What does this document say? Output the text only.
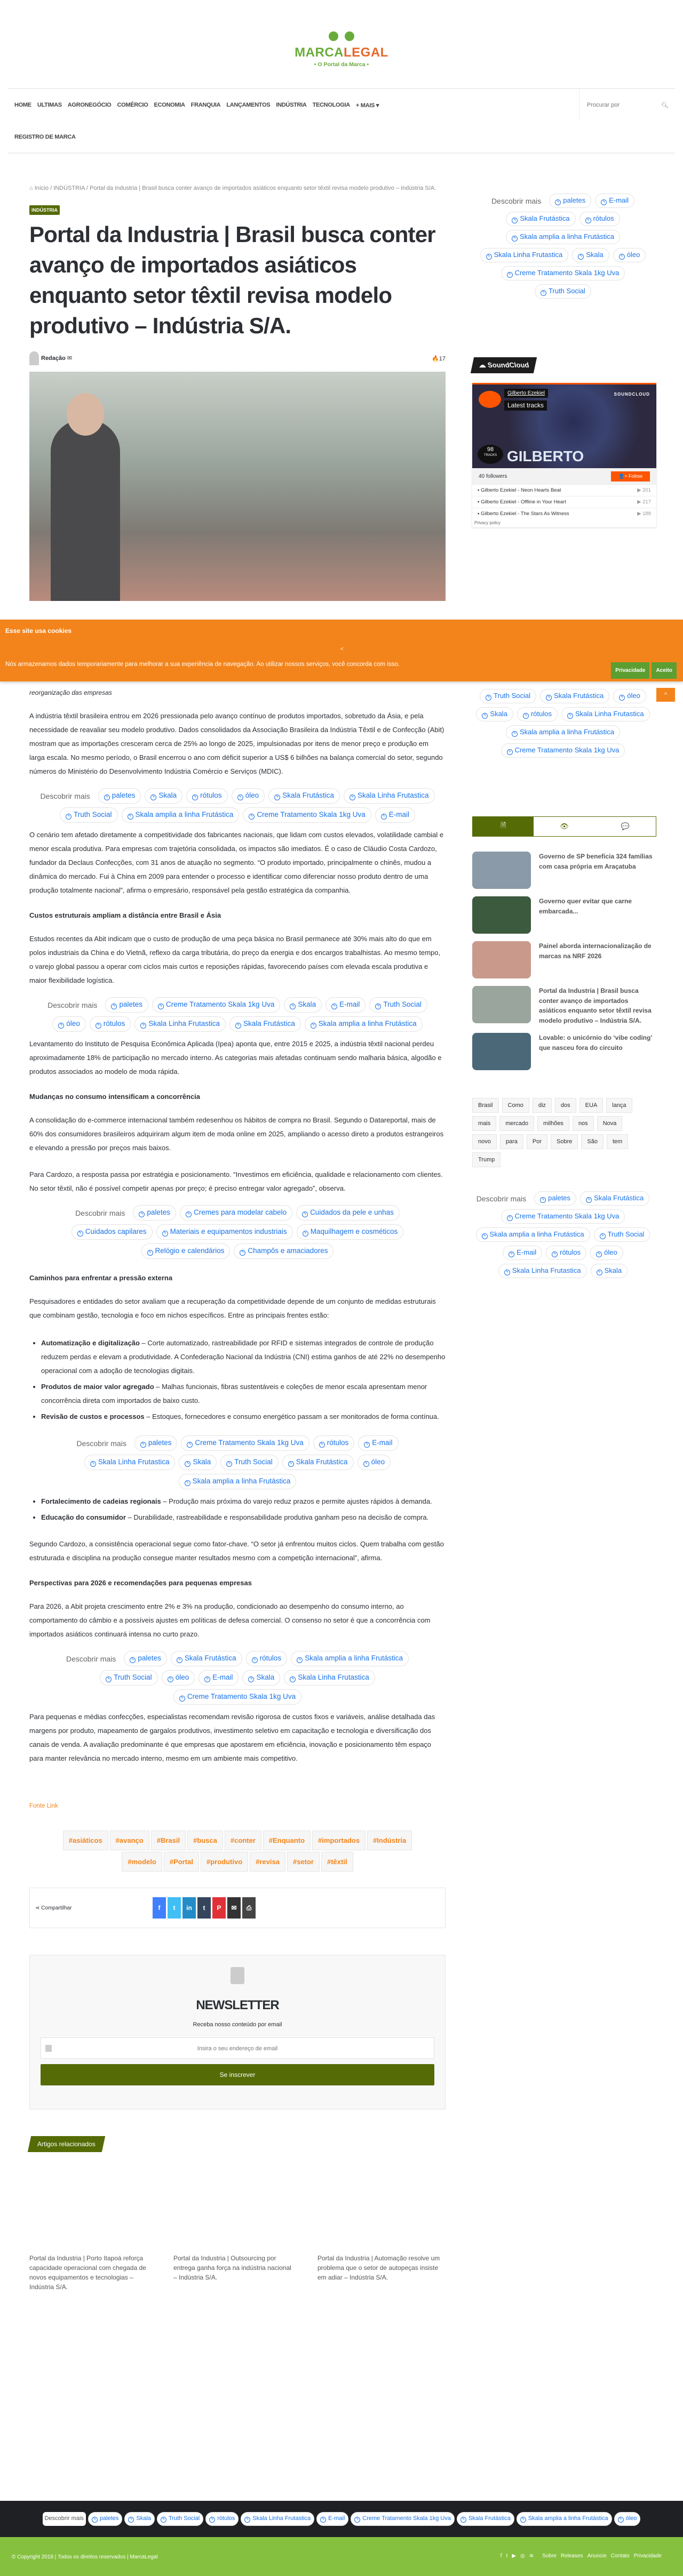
MARCALEGAL
• O Portal da Marca •
HOME	ULTIMAS	AGRONEGÓCIO	COMÉRCIO	ECONOMIA	FRANQUIA	LANÇAMENTOS	INDÚSTRIA	TECNOLOGIA	+ MAIS ▾
REGISTRO DE MARCA
Procurar por	🔍︎
⌂ Início / INDÚSTRIA / Portal da Industria | Brasil busca conter avanço de importados asiáticos enquanto setor têxtil revisa modelo produtivo – Indústria S/A.
INDÚSTRIA
Portal da Industria | Brasil busca conter avanço de importados asiáticos enquanto setor têxtil revisa modelo produtivo – Indústria S/A.
Redação ✉	🔥17
reorganização das empresas

A indústria têxtil brasileira entrou em 2026 pressionada pelo avanço contínuo de produtos importados, sobretudo da Ásia, e pela necessidade de reavaliar seu modelo produtivo. Dados consolidados da Associação Brasileira da Indústria Têxtil e de Confecção (Abit) mostram que as importações cresceram cerca de 25% ao longo de 2025, impulsionadas por itens de menor preço e produção em larga escala. No mesmo período, o Brasil encerrou o ano com déficit superior a US$ 6 bilhões na balança comercial do setor, segundo números do Ministério do Desenvolvimento Indústria Comércio e Serviços (MDIC).

Descobrir mais	ϟ paletes	ϟ Skala	ϟ rótulos	ϟ óleo	ϟ Skala Frutástica	ϟ Skala Linha Frutastica
ϟ Truth Social	ϟ Skala amplia a linha Frutástica	ϟ Creme Tratamento Skala 1kg Uva	ϟ E-mail

O cenário tem afetado diretamente a competitividade dos fabricantes nacionais, que lidam com custos elevados, volatilidade cambial e menor escala produtiva. Para empresas com trajetória consolidada, os impactos são imediatos. É o caso de Cláudio Costa Cardozo, fundador da Declaus Confecções, com 31 anos de atuação no segmento. “O produto importado, principalmente o chinês, mudou a dinâmica do mercado. Fui à China em 2009 para entender o processo e identificar como diferenciar nosso produto dentro de uma produção totalmente nacional”, afirma o empresário, responsável pela gestão estratégica da companhia.

Custos estruturais ampliam a distância entre Brasil e Ásia

Estudos recentes da Abit indicam que o custo de produção de uma peça básica no Brasil permanece até 30% mais alto do que em polos industriais da China e do Vietnã, reflexo da carga tributária, do preço da energia e dos encargos trabalhistas. Ao mesmo tempo, o varejo global passou a operar com ciclos mais curtos e reposições rápidas, favorecendo países com elevada escala produtiva e maior flexibilidade logística.

Descobrir mais	ϟ paletes	ϟ Creme Tratamento Skala 1kg Uva	ϟ Skala	ϟ E-mail	ϟ Truth Social
ϟ óleo	ϟ rótulos	ϟ Skala Linha Frutastica	ϟ Skala Frutástica	ϟ Skala amplia a linha Frutástica

Levantamento do Instituto de Pesquisa Econômica Aplicada (Ipea) aponta que, entre 2015 e 2025, a indústria têxtil nacional perdeu aproximadamente 18% de participação no mercado interno. As categorias mais afetadas continuam sendo malharia básica, algodão e produtos associados ao modelo de moda rápida.

Mudanças no consumo intensificam a concorrência

A consolidação do e-commerce internacional também redesenhou os hábitos de compra no Brasil. Segundo o Datareportal, mais de 60% dos consumidores brasileiros adquiriram algum item de moda online em 2025, ampliando o acesso direto a produtos estrangeiros e elevando a pressão por preços mais baixos.

Para Cardozo, a resposta passa por estratégia e posicionamento. “Investimos em eficiência, qualidade e relacionamento com clientes. No setor têxtil, não é possível competir apenas por preço; é preciso entregar valor agregado”, observa.

Descobrir mais	ϟ paletes	ϟ Cremes para modelar cabelo	ϟ Cuidados da pele e unhas
ϟ Cuidados capilares	ϟ Materiais e equipamentos industriais	ϟ Maquilhagem e cosméticos
ϟ Relógio e calendários	ϟ Champôs e amaciadores
Caminhos para enfrentar a pressão externa

Pesquisadores e entidades do setor avaliam que a recuperação da competitividade depende de um conjunto de medidas estruturais que combinam gestão, tecnologia e foco em nichos específicos. Entre as principais frentes estão:

• Automatização e digitalização – Corte automatizado, rastreabilidade por RFID e sistemas integrados de controle de produção reduzem perdas e elevam a produtividade. A Confederação Nacional da Indústria (CNI) estima ganhos de até 22% no desempenho operacional com a adoção de tecnologias digitais.
• Produtos de maior valor agregado – Malhas funcionais, fibras sustentáveis e coleções de menor escala apresentam menor concorrência direta com importados de baixo custo.
• Revisão de custos e processos – Estoques, fornecedores e consumo energético passam a ser monitorados de forma contínua.
Descobrir mais	ϟ paletes	ϟ Creme Tratamento Skala 1kg Uva	ϟ rótulos	ϟ E-mail
ϟ Skala Linha Frutastica	ϟ Skala	ϟ Truth Social	ϟ Skala Frutástica	ϟ óleo
ϟ Skala amplia a linha Frutástica
• Fortalecimento de cadeias regionais – Produção mais próxima do varejo reduz prazos e permite ajustes rápidos à demanda.
• Educação do consumidor – Durabilidade, rastreabilidade e responsabilidade produtiva ganham peso na decisão de compra.

Segundo Cardozo, a consistência operacional segue como fator-chave. “O setor já enfrentou muitos ciclos. Quem trabalha com gestão estruturada e disciplina na produção consegue manter resultados mesmo com a competição internacional”, afirma.

Perspectivas para 2026 e recomendações para pequenas empresas

Para 2026, a Abit projeta crescimento entre 2% e 3% na produção, condicionado ao desempenho do consumo interno, ao comportamento do câmbio e a possíveis ajustes em políticas de defesa comercial. O consenso no setor é que a concorrência com importados asiáticos continuará intensa no curto prazo.

Descobrir mais	ϟ paletes	ϟ Skala Frutástica	ϟ rótulos	ϟ Skala amplia a linha Frutástica
ϟ Truth Social	ϟ óleo	ϟ E-mail	ϟ Skala	ϟ Skala Linha Frutastica
ϟ Creme Tratamento Skala 1kg Uva

Para pequenas e médias confecções, especialistas recomendam revisão rigorosa de custos fixos e variáveis, análise detalhada das margens por produto, mapeamento de gargalos produtivos, investimento seletivo em capacitação e tecnologia e diversificação dos canais de venda. A avaliação predominante é que empresas que apostarem em eficiência, inovação e posicionamento têm espaço para manter relevância no mercado interno, mesmo em um ambiente mais competitivo.

Fonte Link
#asiáticos	#avanço	#Brasil	#busca	#conter	#Enquanto	#importados	#Indústria
#modelo	#Portal	#produtivo	#revisa	#setor	#têxtil
⋖ Compartilhar	f t in t P ✉ ⎙
NEWSLETTER
Receba nosso conteúdo por email
Insira o seu endereço de email
Se inscrever
Artigos relacionados
Portal da Industria | Porto Itapoá reforça capacidade operacional com chegada de novos equipamentos e tecnologias – Indústria S/A.
Portal da Industria | Outsourcing por entrega ganha força na indústria nacional – Indústria S/A.
Portal da Industria | Automação resolve um problema que o setor de autopeças insiste em adiar – Indústria S/A.
Descobrir mais	ϟ paletes	ϟ E-mail
ϟ Skala Frutástica	ϟ rótulos
ϟ Skala amplia a linha Frutástica
ϟ Skala Linha Frutastica	ϟ Skala	ϟ óleo
ϟ Creme Tratamento Skala 1kg Uva
ϟ Truth Social
☁ SoundCloud
Gilberto Ezekiel
Latest tracks
SOUNDCLOUD
GILBERTO
98
TRACKS
40 followers	👤+ Follow
▪ Gilberto Ezekiel - Neon Hearts Beat	▶ 201
▪ Gilberto Ezekiel - Offline in Your Heart	▶ 217
▪ Gilberto Ezekiel - The Stars As Witness	▶ 188
Privacy policy
ϟ Truth Social	ϟ Skala Frutástica	ϟ óleo
ϟ Skala	ϟ rótulos	ϟ Skala Linha Frutastica
ϟ Skala amplia a linha Frutástica
ϟ Creme Tratamento Skala 1kg Uva
🗎	👁	💬
Governo de SP beneficia 324 famílias com casa própria em Araçatuba
Governo quer evitar que carne embarcada...
Painel aborda internacionalização de marcas na NRF 2026
Portal da Industria | Brasil busca conter avanço de importados asiáticos enquanto setor têxtil revisa modelo produtivo – Indústria S/A.
Lovable: o unicórnio do ‘vibe coding’ que nasceu fora do circuito
Brasil	Como	diz	dos	EUA	lança
mais	mercado	milhões	nos	Nova
novo	para	Por	Sobre	São	tem
Trump
Descobrir mais	ϟ paletes	ϟ Skala Frutástica
ϟ Creme Tratamento Skala 1kg Uva
ϟ Skala amplia a linha Frutástica	ϟ Truth Social
ϟ E-mail	ϟ rótulos	ϟ óleo
ϟ Skala Linha Frutastica	ϟ Skala
Esse site usa cookies
<

Nós armazenamos dados temporariamente para melhorar a sua experiência de navegação. Ao utilizar nossos serviços, você concorda com isso.

Privacidade	Aceito
^
Descobrir mais	ϟ paletes	ϟ Skala	ϟ Truth Social	ϟ rótulos	ϟ Skala Linha Frutastica	ϟ E-mail	ϟ Creme Tratamento Skala 1kg Uva	ϟ Skala Frutástica	ϟ Skala amplia a linha Frutástica	ϟ óleo
© Copyright 2018 | Todos os direitos reservados | MarcaLegal	f t ▶ ◎ ≋ Sobre Releases Anuncie Contato Privacidade
